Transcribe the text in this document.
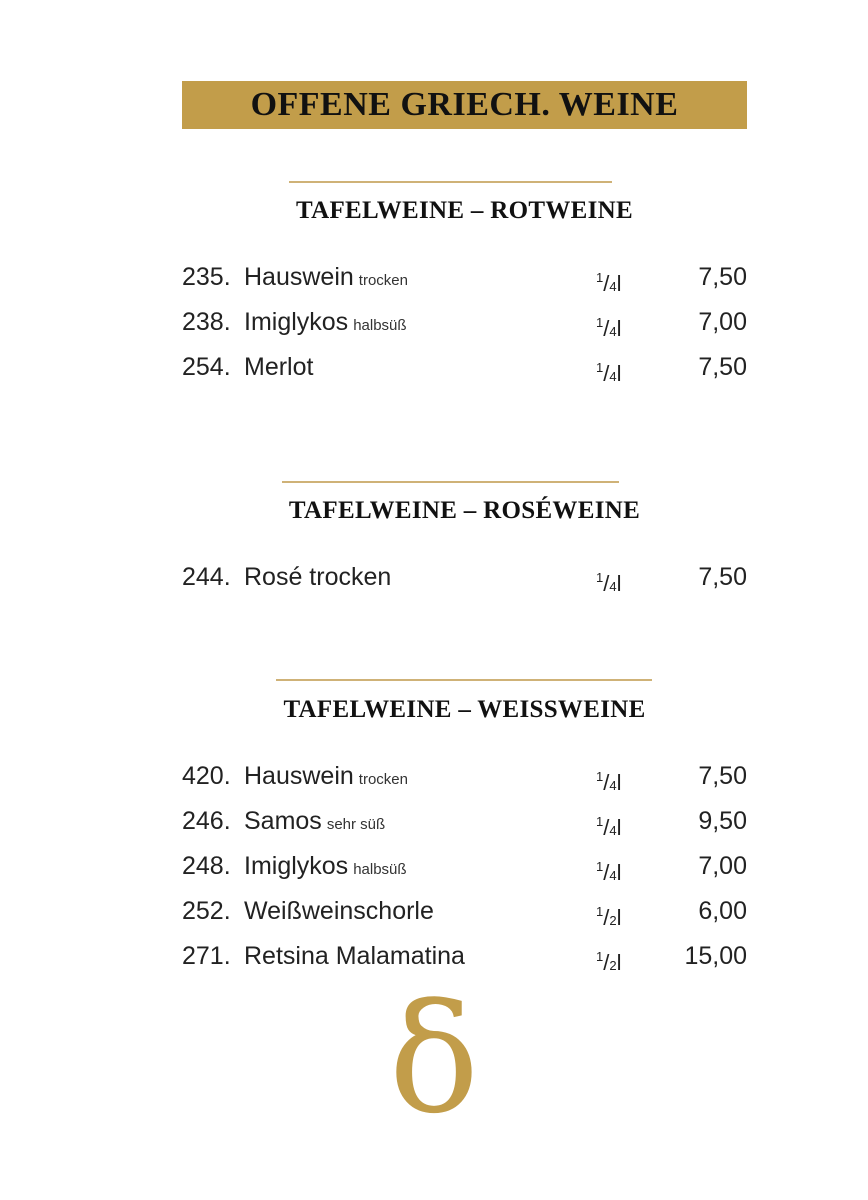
OFFENE GRIECH. WEINE
TAFELWEINE – ROTWEINE
235. Hauswein trocken	$^1$/4l	7,50
238. Imiglykos halbsüß	$^1$/4l	7,00
254. Merlot	$^1$/4l	7,50
TAFELWEINE – ROSÉWEINE
244. Rosé trocken	$^1$/4l	7,50
TAFELWEINE – WEISSWEINE
420. Hauswein trocken	$^1$/4l	7,50
246. Samos sehr süß	$^1$/4l	9,50
248. Imiglykos halbsüß	$^1$/4l	7,00
252. Weißweinschorle	$^1$/2l	6,00
271. Retsina Malamatina	$^1$/2l	15,00
δ
